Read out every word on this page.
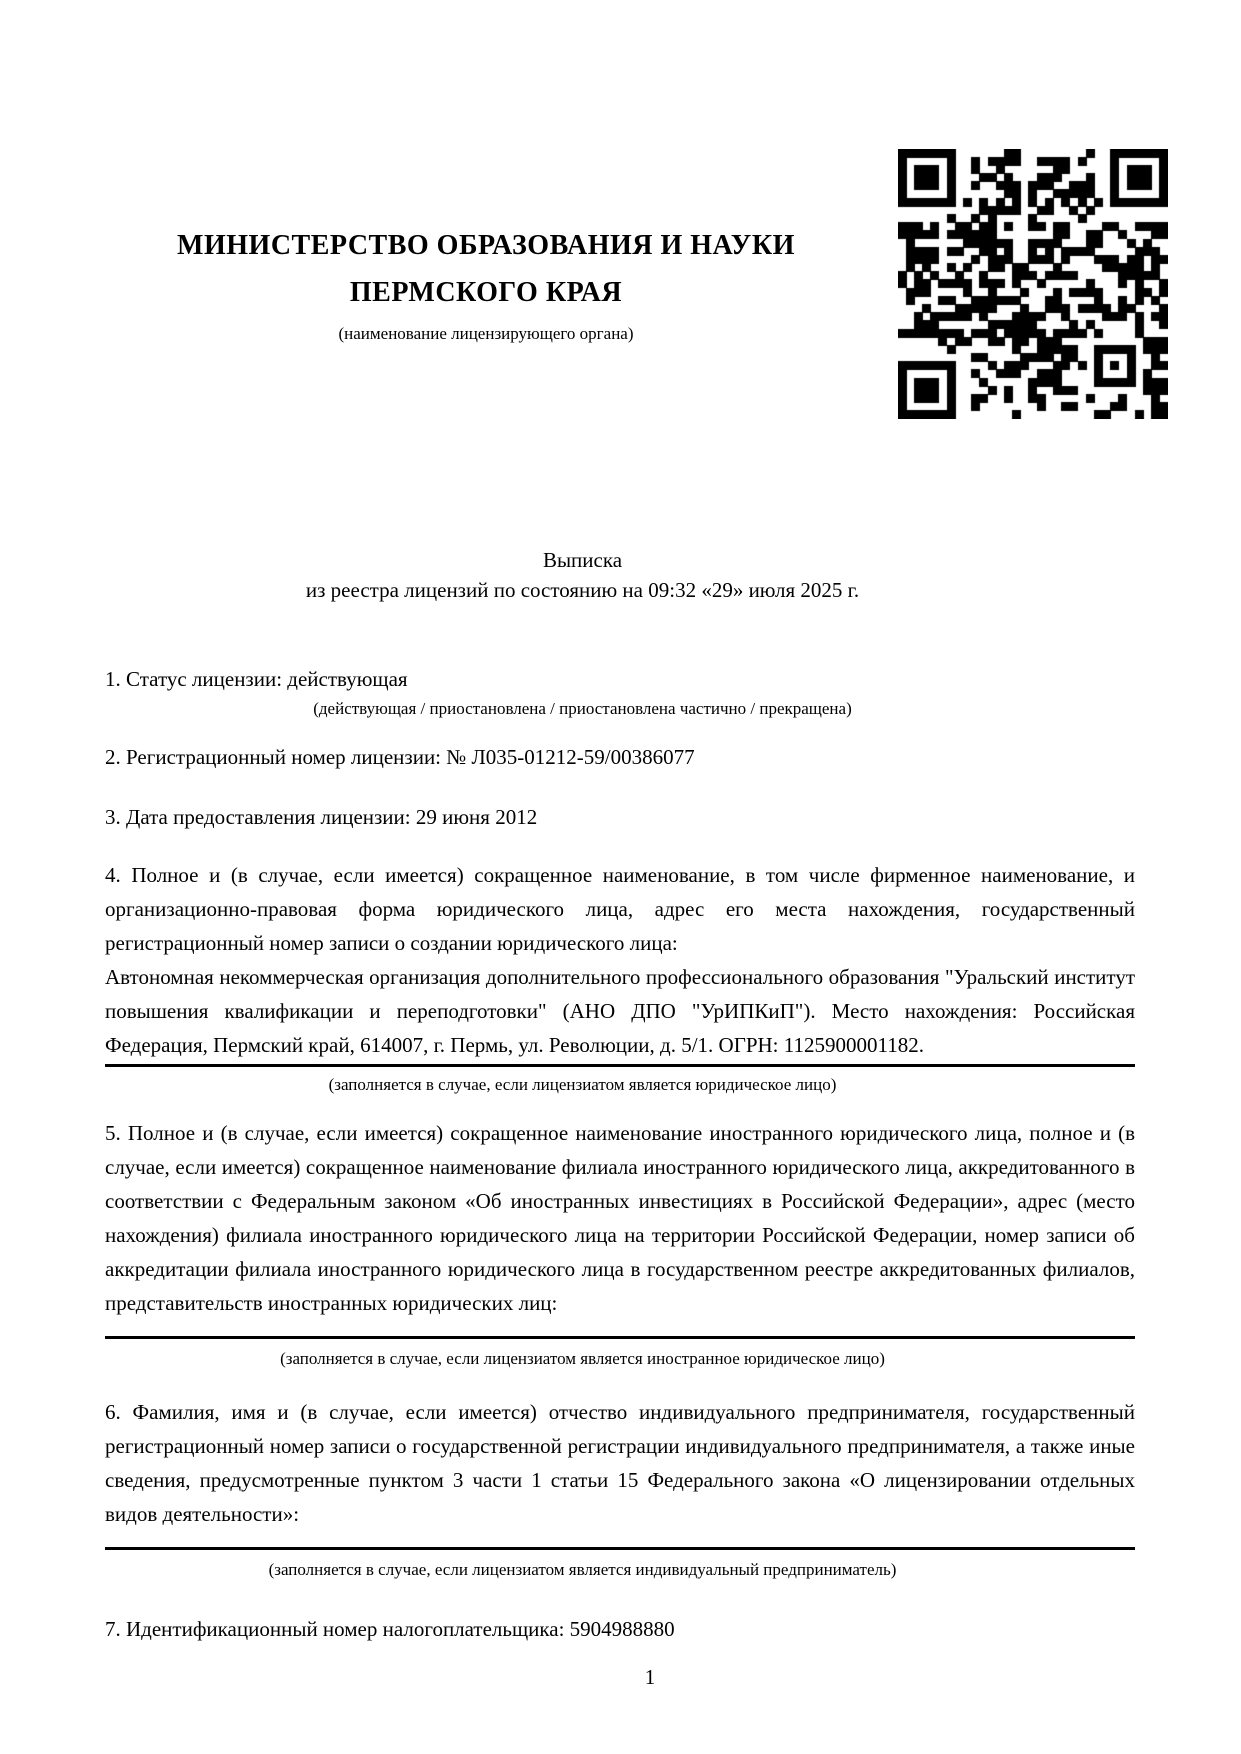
МИНИСТЕРСТВО ОБРАЗОВАНИЯ И НАУКИ
ПЕРМСКОГО КРАЯ
(наименование лицензирующего органа)
Выписка
из реестра лицензий по состоянию на 09:32 «29» июля 2025 г.
1. Статус лицензии: действующая
(действующая / приостановлена / приостановлена частично / прекращена)
2. Регистрационный номер лицензии: № Л035-01212-59/00386077
3. Дата предоставления лицензии: 29 июня 2012
4. Полное и (в случае, если имеется) сокращенное наименование, в том числе фирменное наименование, и организационно-правовая форма юридического лица, адрес его места нахождения, государственный регистрационный номер записи о создании юридического лица:
Автономная некоммерческая организация дополнительного профессионального образования "Уральский институт повышения квалификации и переподготовки" (АНО ДПО "УрИПКиП"). Место нахождения: Российская Федерация, Пермский край, 614007, г. Пермь, ул. Революции, д. 5/1. ОГРН: 1125900001182.
(заполняется в случае, если лицензиатом является юридическое лицо)
5. Полное и (в случае, если имеется) сокращенное наименование иностранного юридического лица, полное и (в случае, если имеется) сокращенное наименование филиала иностранного юридического лица, аккредитованного в соответствии с Федеральным законом «Об иностранных инвестициях в Российской Федерации», адрес (место нахождения) филиала иностранного юридического лица на территории Российской Федерации, номер записи об аккредитации филиала иностранного юридического лица в государственном реестре аккредитованных филиалов, представительств иностранных юридических лиц:
(заполняется в случае, если лицензиатом является иностранное юридическое лицо)
6. Фамилия, имя и (в случае, если имеется) отчество индивидуального предпринимателя, государственный регистрационный номер записи о государственной регистрации индивидуального предпринимателя, а также иные сведения, предусмотренные пунктом 3 части 1 статьи 15 Федерального закона «О лицензировании отдельных видов деятельности»:
(заполняется в случае, если лицензиатом является индивидуальный предприниматель)
7. Идентификационный номер налогоплательщика: 5904988880
1
